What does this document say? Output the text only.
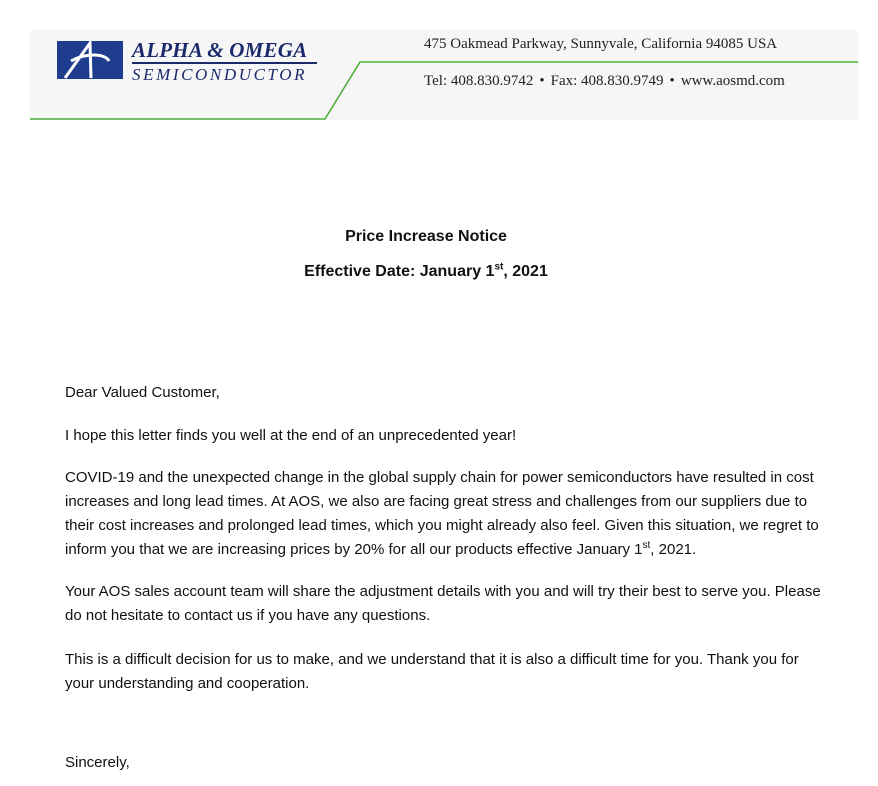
ALPHA & OMEGA
SEMICONDUCTOR
475 Oakmead Parkway, Sunnyvale, California 94085 USA
Tel: 408.830.9742 • Fax: 408.830.9749 • www.aosmd.com
Price Increase Notice
Effective Date: January 1st, 2021

Dear Valued Customer,

I hope this letter finds you well at the end of an unprecedented year!

COVID-19 and the unexpected change in the global supply chain for power semiconductors have resulted in cost increases and long lead times. At AOS, we also are facing great stress and challenges from our suppliers due to their cost increases and prolonged lead times, which you might already also feel. Given this situation, we regret to inform you that we are increasing prices by 20% for all our products effective January 1st, 2021.

Your AOS sales account team will share the adjustment details with you and will try their best to serve you. Please do not hesitate to contact us if you have any questions.

This is a difficult decision for us to make, and we understand that it is also a difficult time for you. Thank you for your understanding and cooperation.

Sincerely,
